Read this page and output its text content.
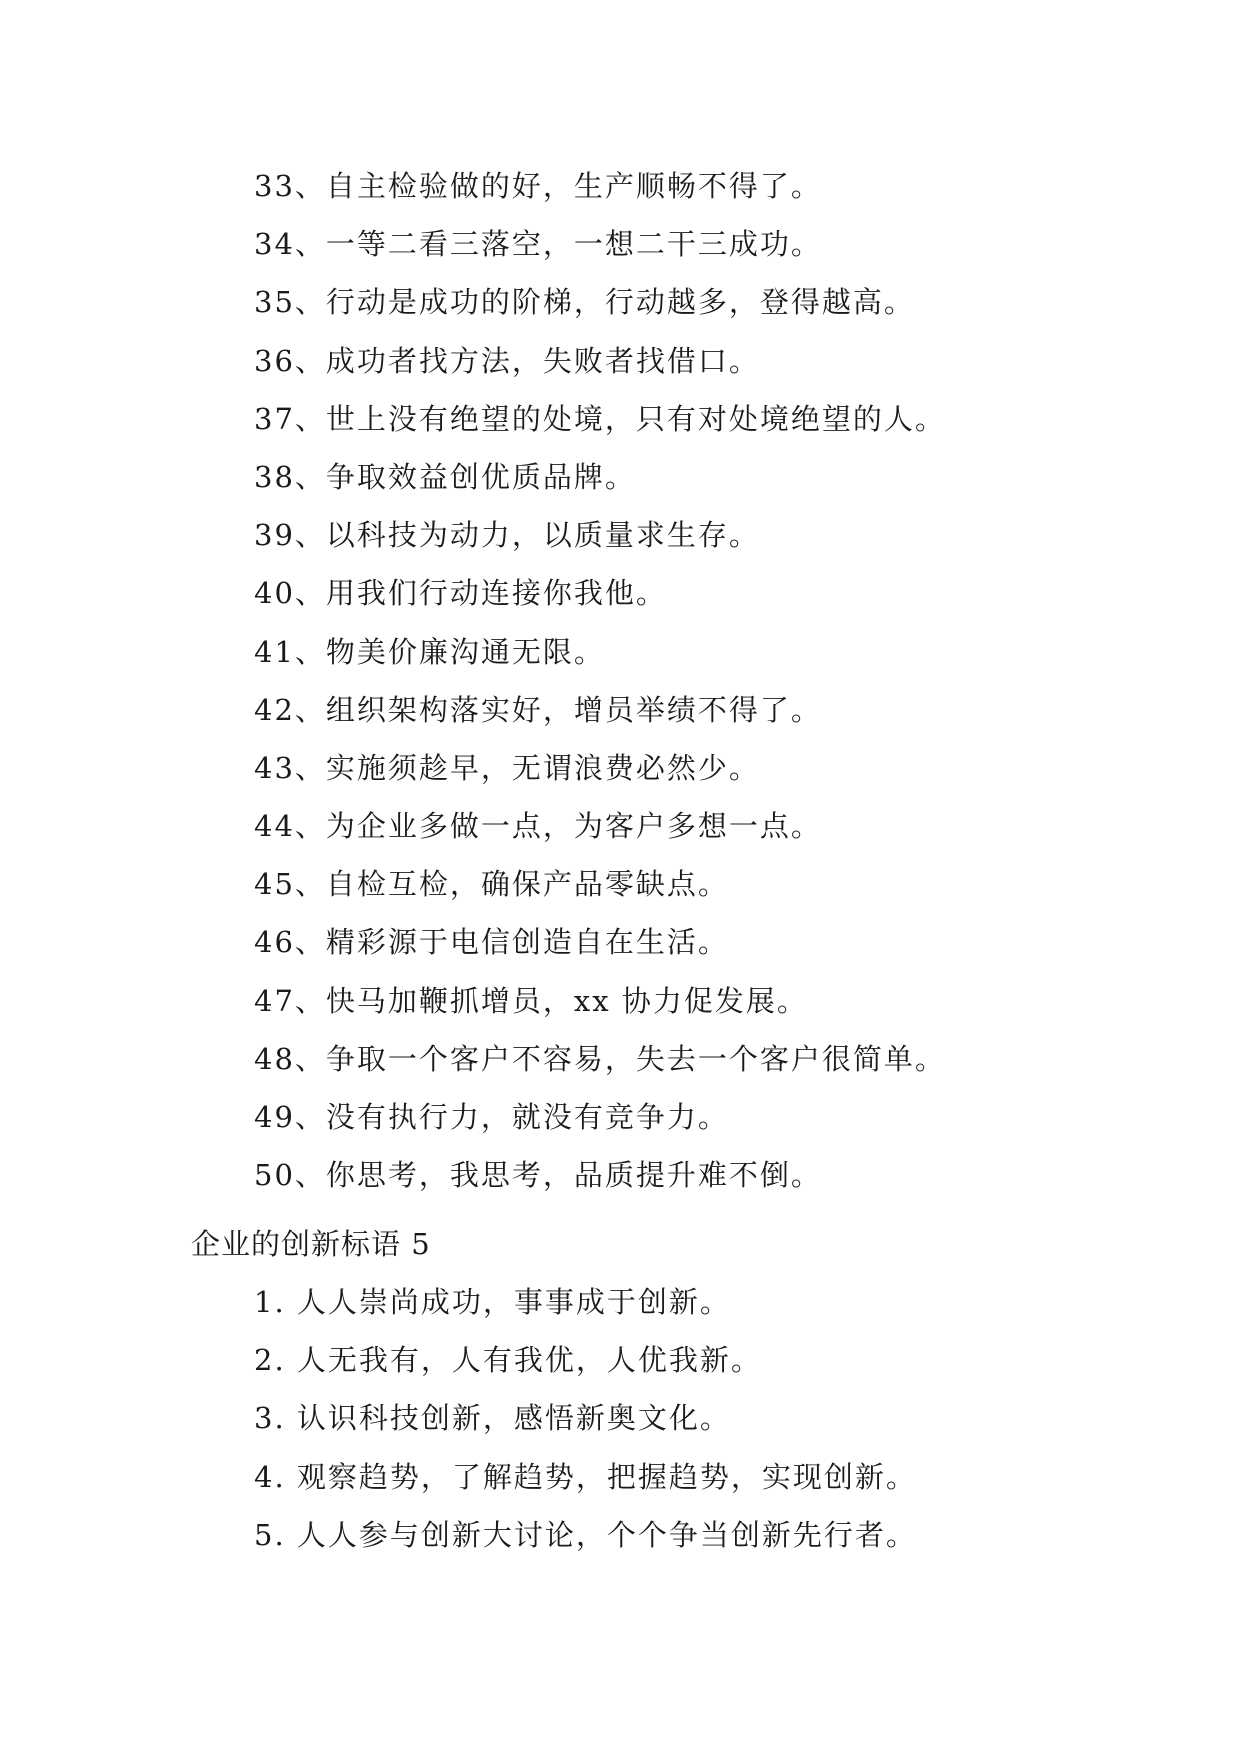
33、自主检验做的好，生产顺畅不得了。
34、一等二看三落空，一想二干三成功。
35、行动是成功的阶梯，行动越多，登得越高。
36、成功者找方法，失败者找借口。
37、世上没有绝望的处境，只有对处境绝望的人。
38、争取效益创优质品牌。
39、以科技为动力，以质量求生存。
40、用我们行动连接你我他。
41、物美价廉沟通无限。
42、组织架构落实好，增员举绩不得了。
43、实施须趁早，无谓浪费必然少。
44、为企业多做一点，为客户多想一点。
45、自检互检，确保产品零缺点。
46、精彩源于电信创造自在生活。
47、快马加鞭抓增员，xx 协力促发展。
48、争取一个客户不容易，失去一个客户很简单。
49、没有执行力，就没有竞争力。
50、你思考，我思考，品质提升难不倒。
企业的创新标语 5
1. 人人崇尚成功，事事成于创新。
2. 人无我有，人有我优，人优我新。
3. 认识科技创新，感悟新奥文化。
4. 观察趋势，了解趋势，把握趋势，实现创新。
5. 人人参与创新大讨论，个个争当创新先行者。
